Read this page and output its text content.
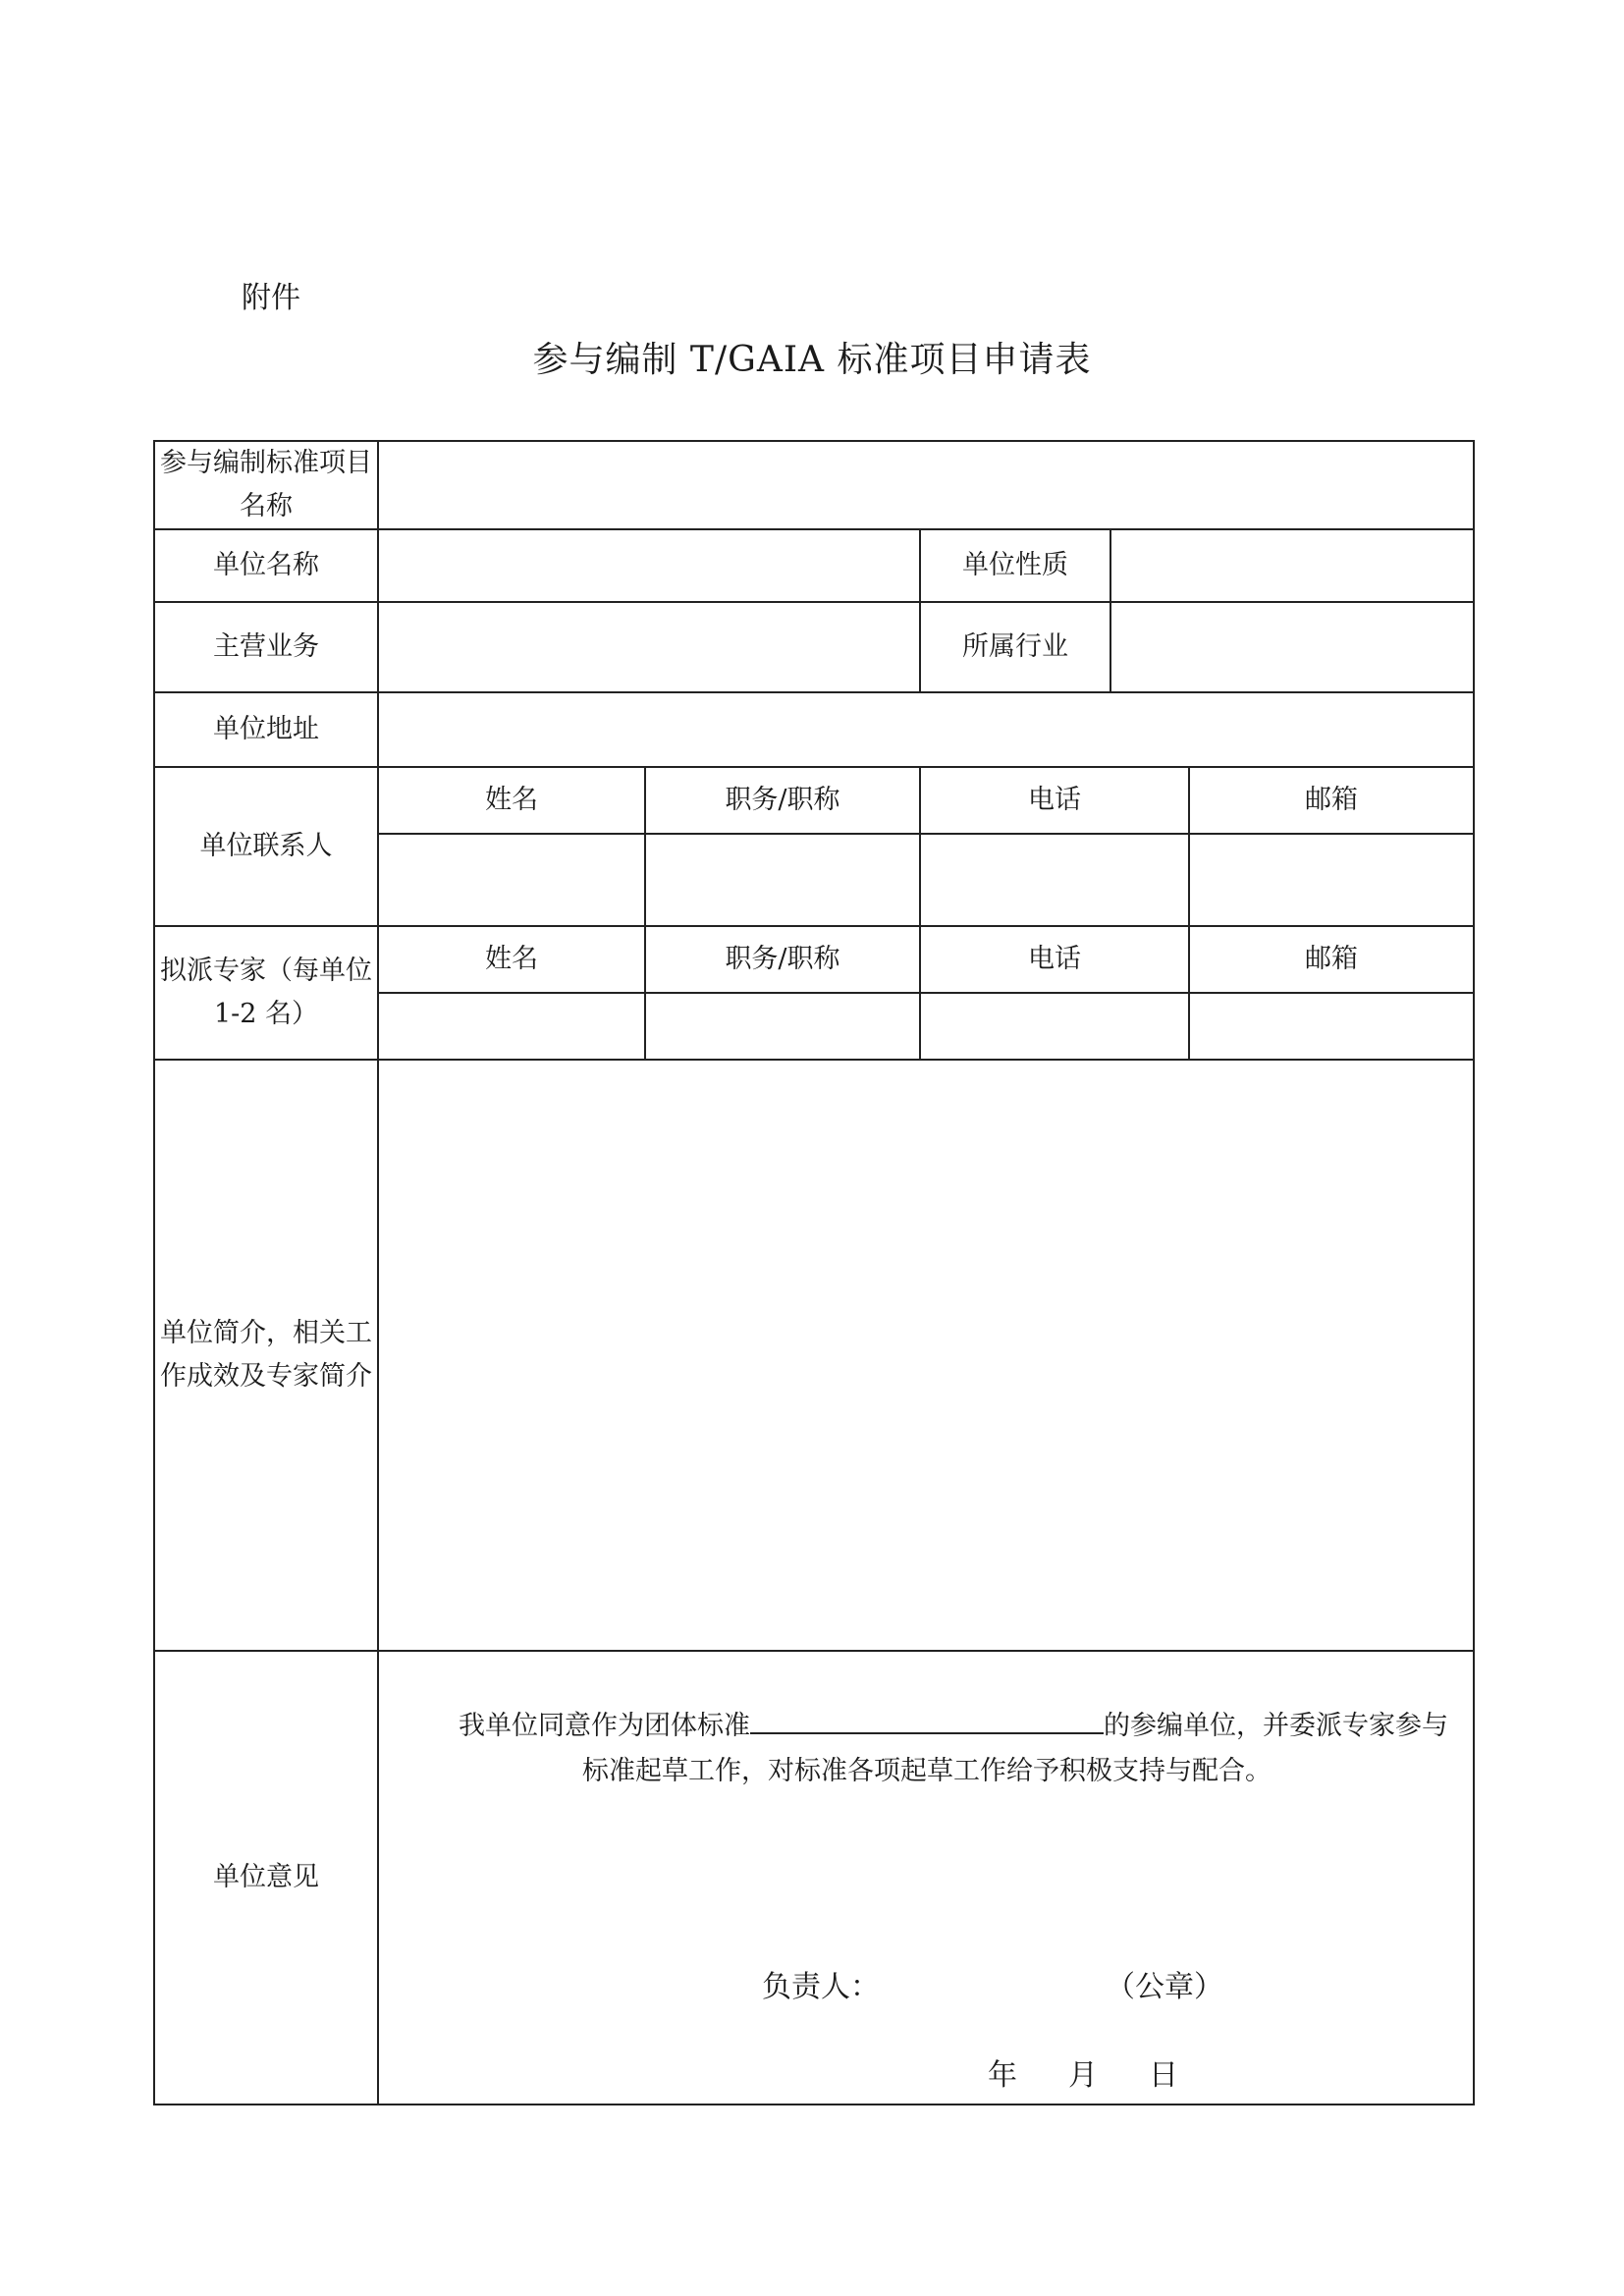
附件
参与编制 T/GAIA 标准项目申请表
参与编制标准项目名称					
单位名称			单位性质		
主营业务			所属行业		
单位地址					
单位联系人	姓名	职务/职称	电话		邮箱

拟派专家（每单位 1-2 名）	姓名	职务/职称	电话		邮箱

单位简介，相关工作成效及专家简介					
单位意见	我单位同意作为团体标准 的参编单位，并委派专家参与标准起草工作，对标准各项起草工作给予积极支持与配合。
负责人： （公章）
年 月 日				
